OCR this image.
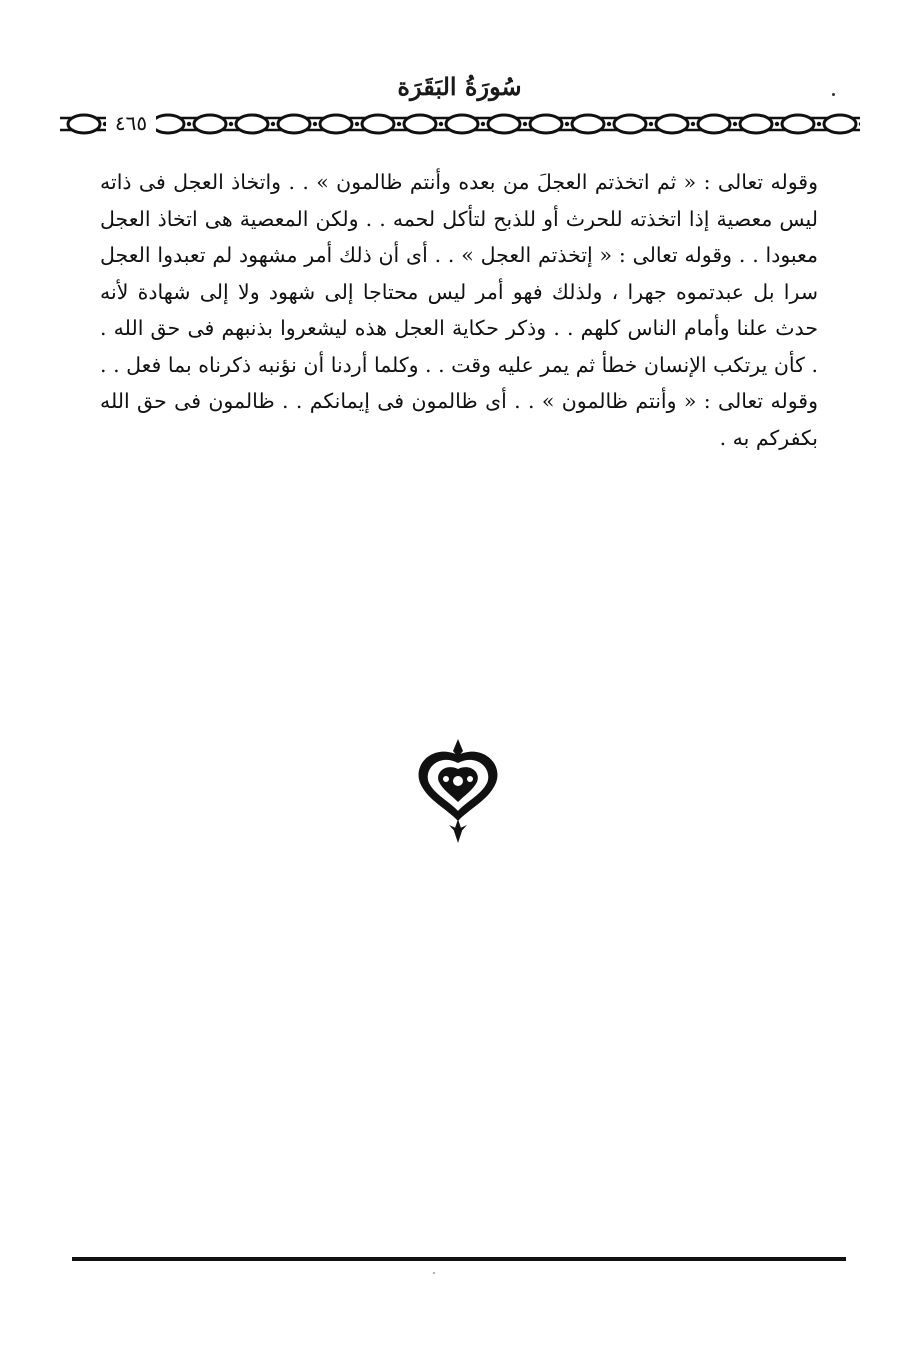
سُورَةُ البَقَرَة
٤٦٥

وقوله تعالى : « ثم اتخذتم العجلَ من بعده وأنتم ظالمون » . . واتخاذ العجل فى ذاته ليس معصية إذا اتخذته للحرث أو للذبح لتأكل لحمه . . ولكن المعصية هى اتخاذ العجل معبودا . . وقوله تعالى : « إتخذتم العجل » . . أى أن ذلك أمر مشهود لم تعبدوا العجل سرا بل عبدتموه جهرا ، ولذلك فهو أمر ليس محتاجا إلى شهود ولا إلى شهادة لأنه حدث علنا وأمام الناس كلهم . . وذكر حكاية العجل هذه ليشعروا بذنبهم فى حق الله . . كأن يرتكب الإنسان خطأ ثم يمر عليه وقت . . وكلما أردنا أن نؤنبه ذكرناه بما فعل . . وقوله تعالى : « وأنتم ظالمون » . . أى ظالمون فى إيمانكم . . ظالمون فى حق الله بكفركم به .
